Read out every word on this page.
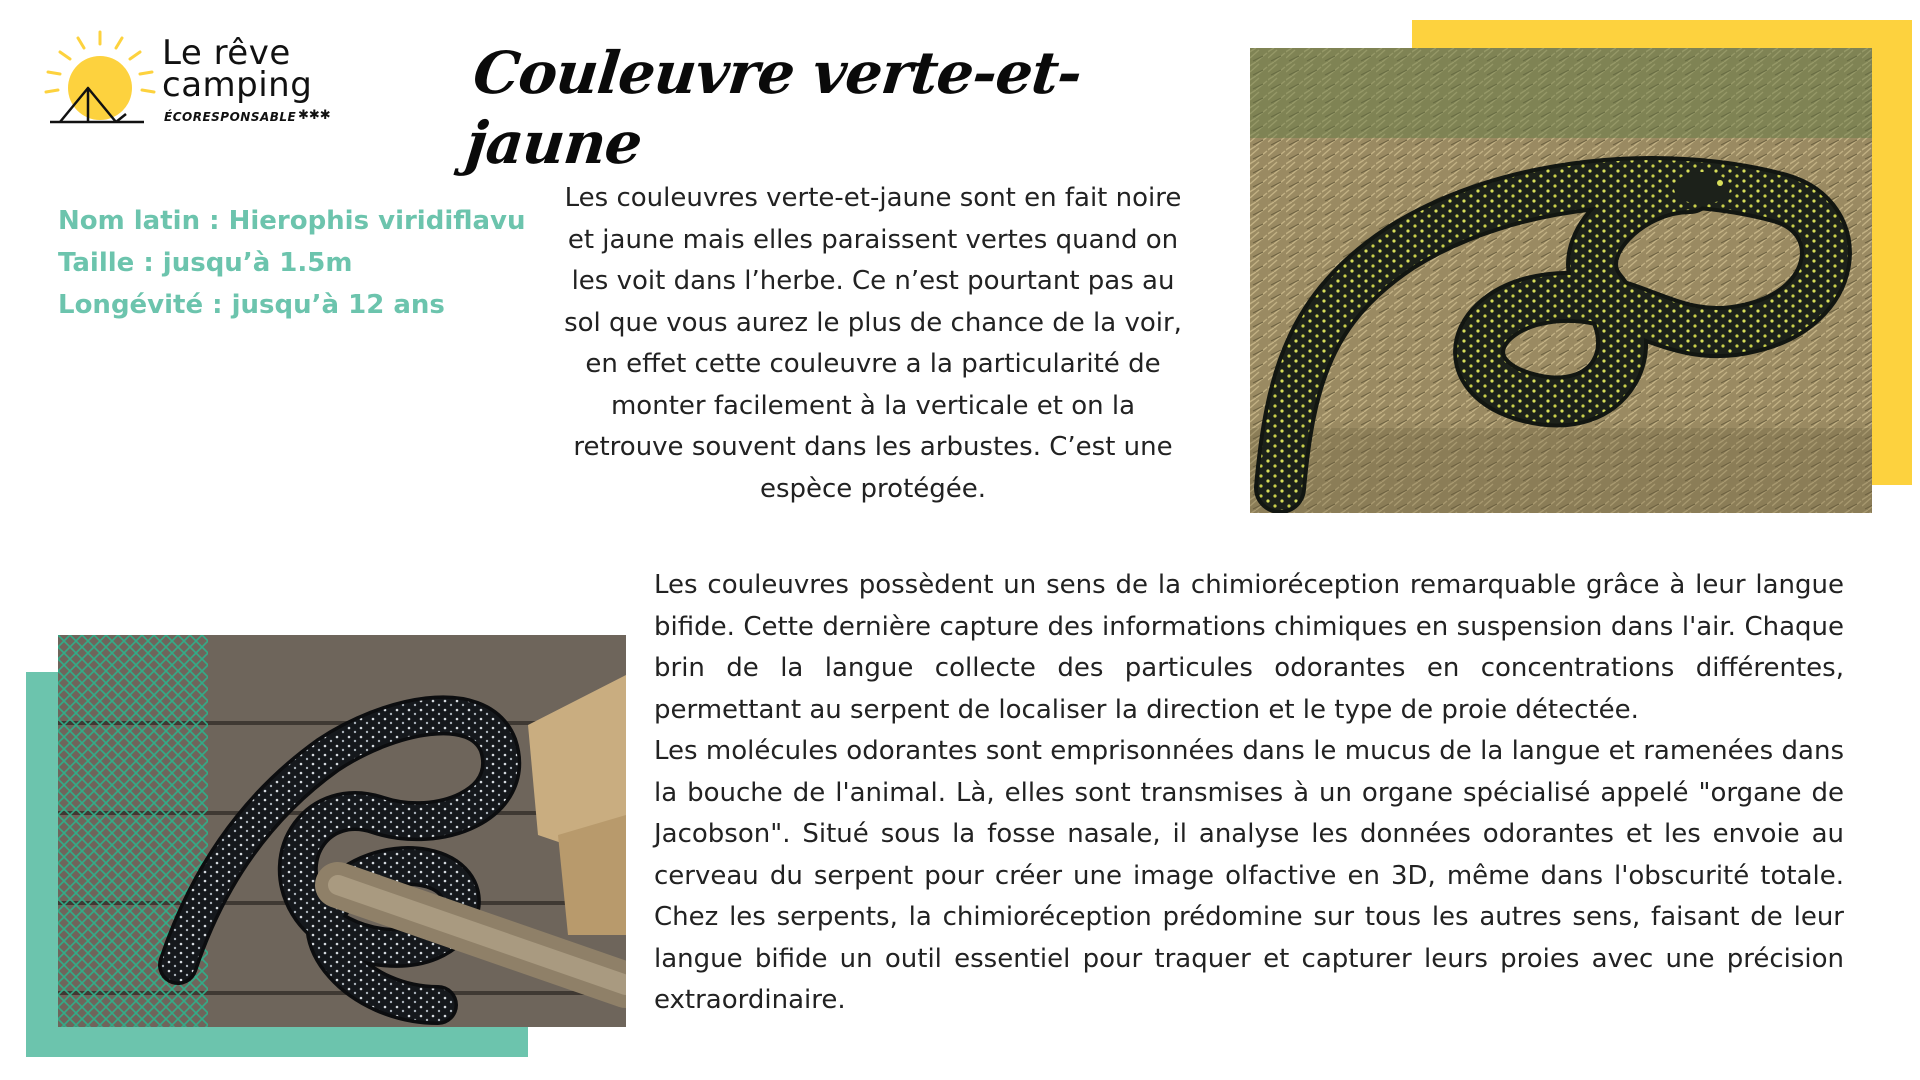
Le rêve
camping
ÉCORESPONSABLE ✱✱✱
Couleuvre verte-et-jaune
Nom latin : Hierophis viridiflavu
Taille : jusqu’à 1.5m
Longévité : jusqu’à 12 ans
Les couleuvres verte-et-jaune sont en fait noire et jaune mais elles paraissent vertes quand on les voit dans l’herbe. Ce n’est pourtant pas au sol que vous aurez le plus de chance de la voir, en effet cette couleuvre a la particularité de monter facilement à la verticale et on la retrouve souvent dans les arbustes. C’est une espèce protégée.

Les couleuvres possèdent un sens de la chimioréception remarquable grâce à leur langue bifide. Cette dernière capture des informations chimiques en suspension dans l'air. Chaque brin de la langue collecte des particules odorantes en concentrations différentes, permettant au serpent de localiser la direction et le type de proie détectée.

Les molécules odorantes sont emprisonnées dans le mucus de la langue et ramenées dans la bouche de l'animal. Là, elles sont transmises à un organe spécialisé appelé "organe de Jacobson". Situé sous la fosse nasale, il analyse les données odorantes et les envoie au cerveau du serpent pour créer une image olfactive en 3D, même dans l'obscurité totale. Chez les serpents, la chimioréception prédomine sur tous les autres sens, faisant de leur langue bifide un outil essentiel pour traquer et capturer leurs proies avec une précision extraordinaire.
